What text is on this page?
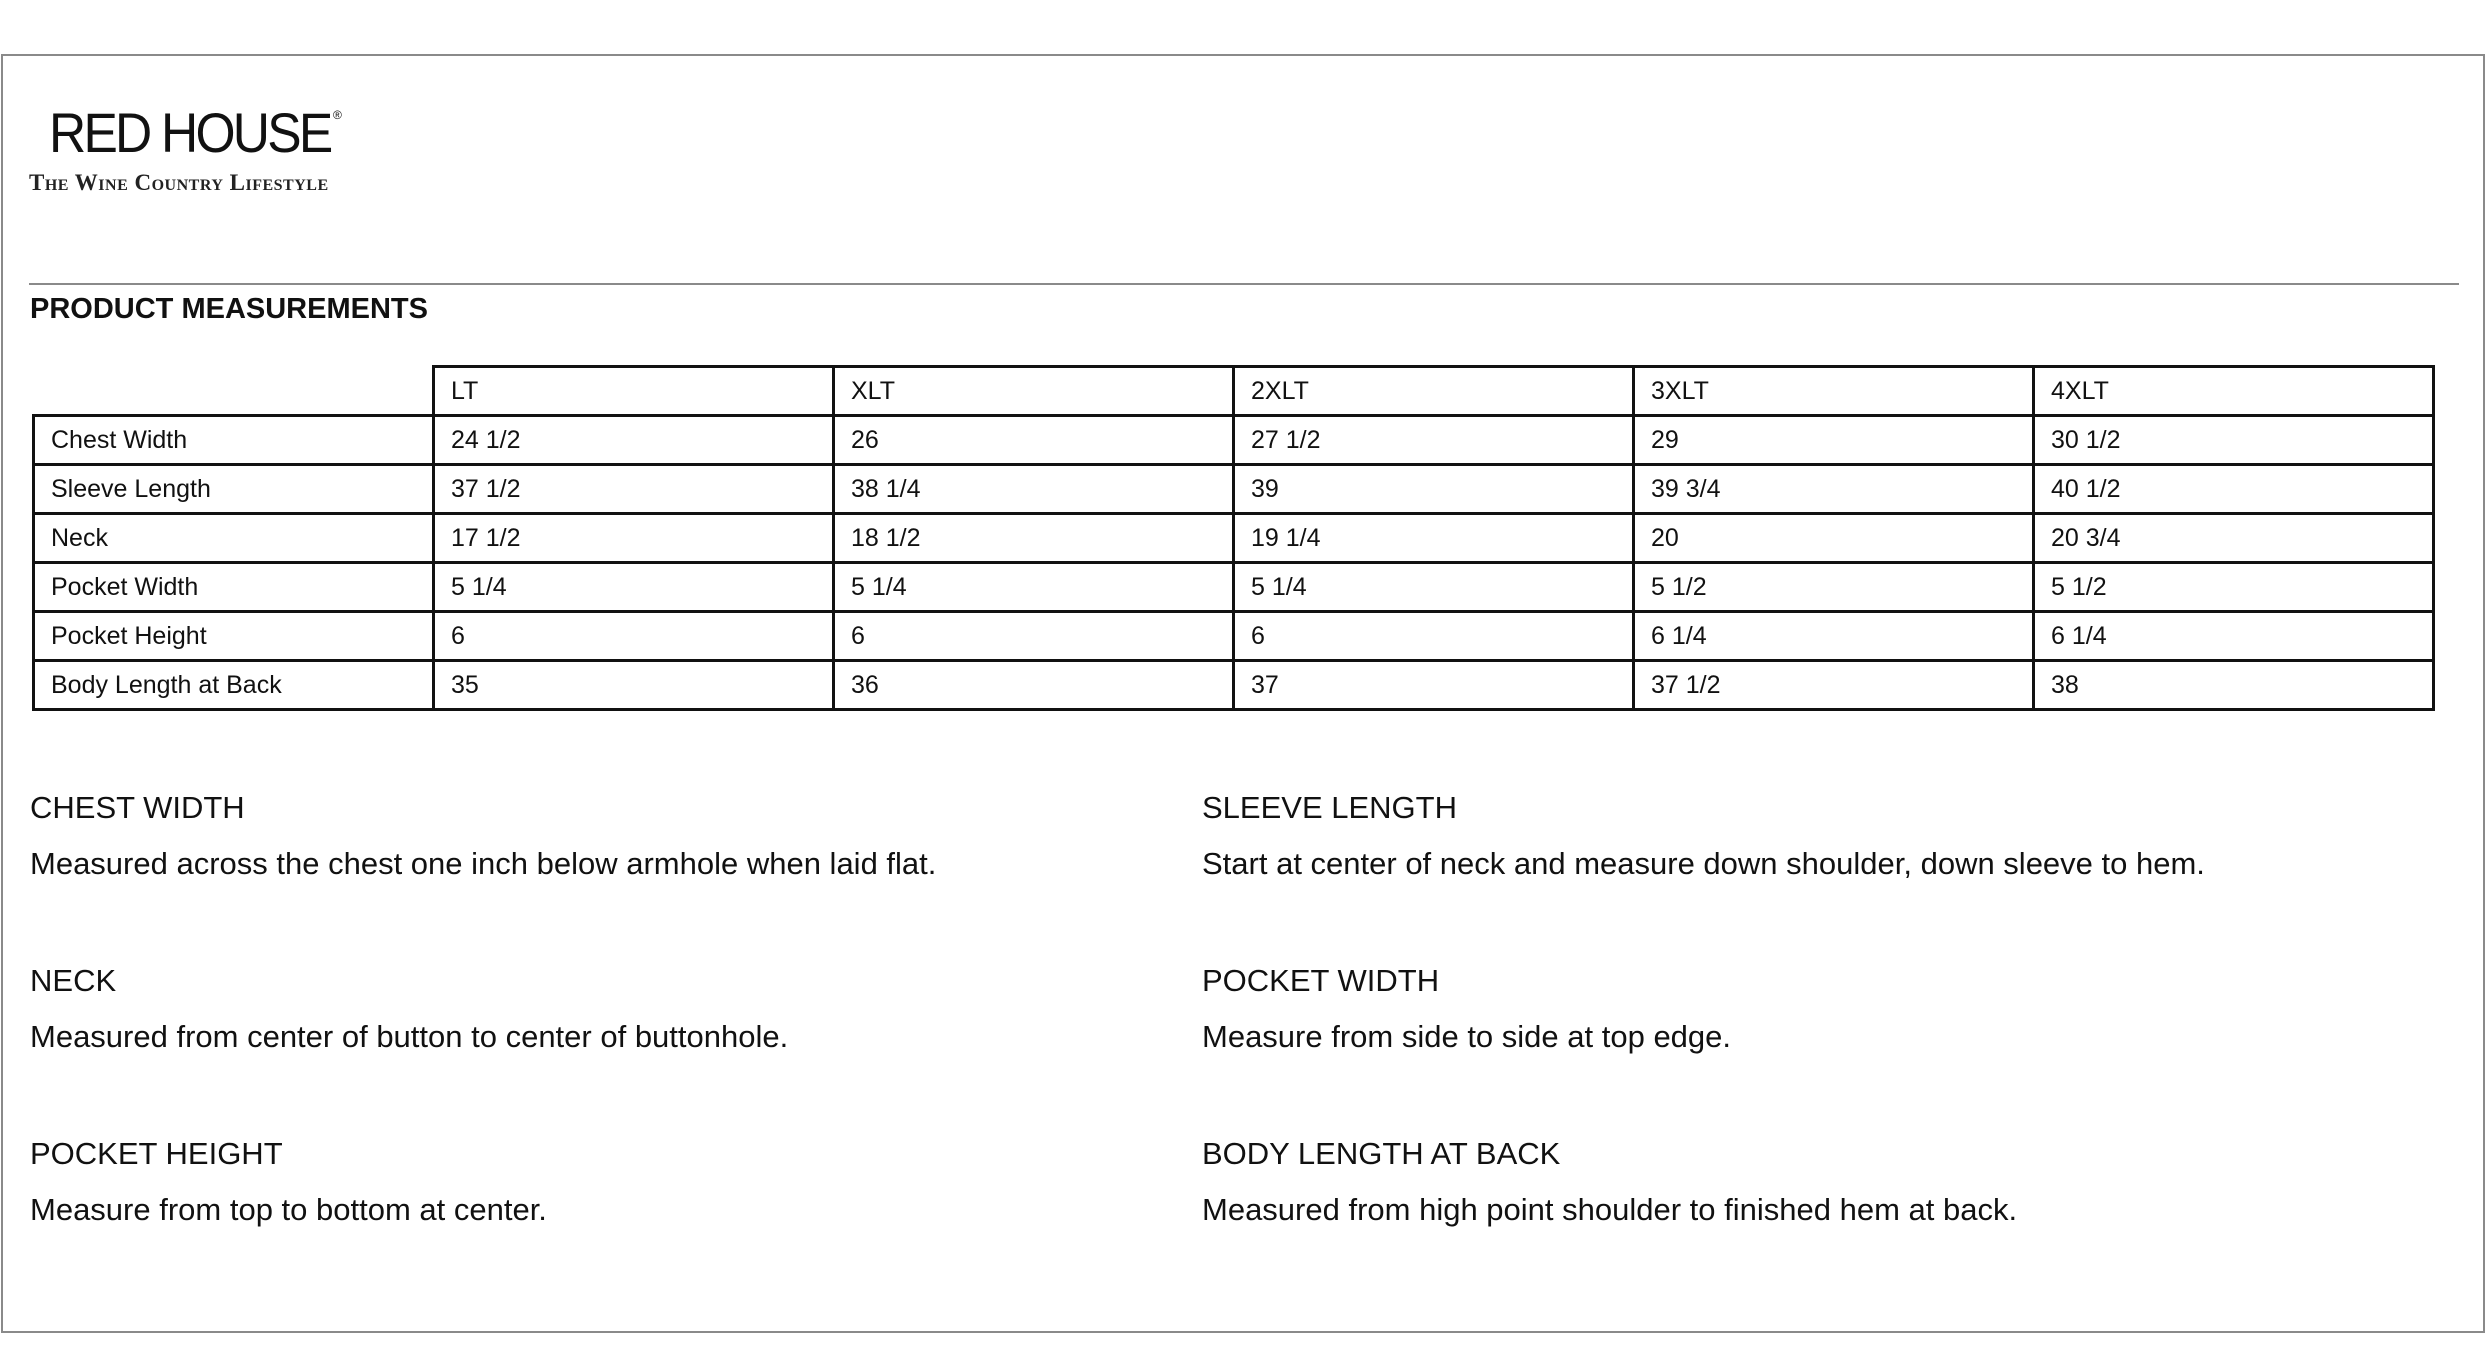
RED HOUSE ®
The Wine Country Lifestyle
PRODUCT MEASUREMENTS
	LT	XLT	2XLT	3XLT	4XLT
Chest Width	24 1/2	26	27 1/2	29	30 1/2
Sleeve Length	37 1/2	38 1/4	39	39 3/4	40 1/2
Neck	17 1/2	18 1/2	19 1/4	20	20 3/4
Pocket Width	5 1/4	5 1/4	5 1/4	5 1/2	5 1/2
Pocket Height	6	6	6	6 1/4	6 1/4
Body Length at Back	35	36	37	37 1/2	38
CHEST WIDTH
Measured across the chest one inch below armhole when laid flat.
SLEEVE LENGTH
Start at center of neck and measure down shoulder, down sleeve to hem.
NECK
Measured from center of button to center of buttonhole.
POCKET WIDTH
Measure from side to side at top edge.
POCKET HEIGHT
Measure from top to bottom at center.
BODY LENGTH AT BACK
Measured from high point shoulder to finished hem at back.
